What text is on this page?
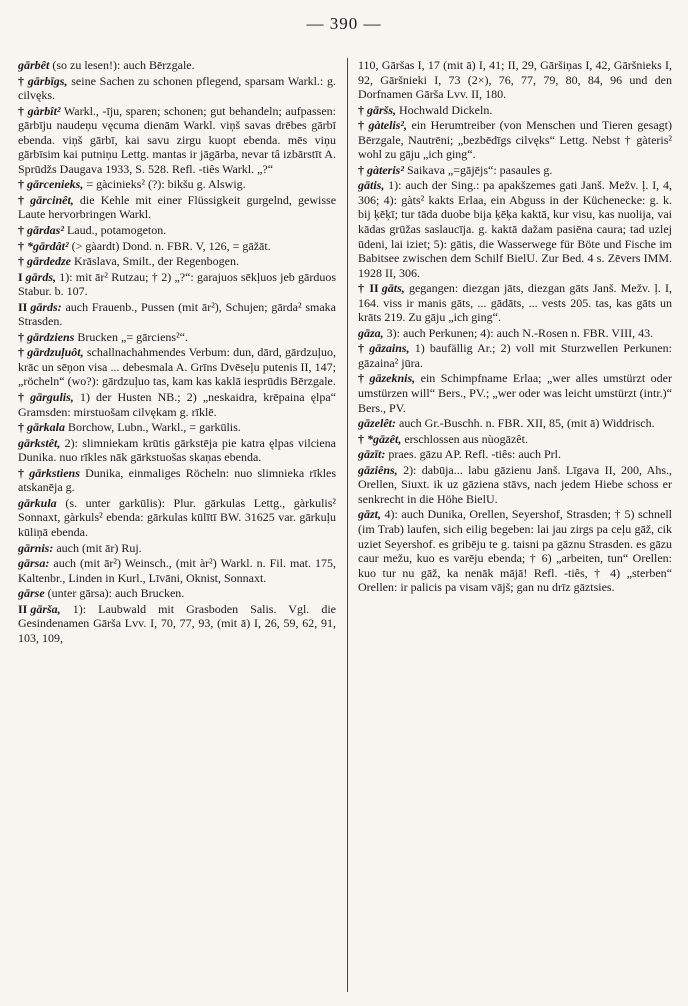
— 390 —

gārbêt (so zu lesen!): auch Bērzgale.

† gārbīgs, seine Sachen zu schonen pflegend, sparsam Warkl.: g. cilvęks.

† gàrbît² Warkl., -īju, sparen; schonen; gut behandeln; aufpassen: gārbīju naudeņu vęcuma dienām Warkl. viņš savas drēbes gārbī ebenda. viņš gārbī, kai savu zirgu kuopt ebenda. mēs viņu gārbīsim kai putniņu Lettg. mantas ir jāgārba, nevar tâ izbārstīt A. Sprūdžs Daugava 1933, S. 528. Refl. -tiês Warkl. „?“

† gārcenieks, = gàcinieks² (?): bikšu g. Alswig.

† gārcinêt, die Kehle mit einer Flüssigkeit gurgelnd, gewisse Laute hervorbringen Warkl.

† gārdas² Laud., potamogeton.

† *gārdât² (> gàardt) Dond. n. FBR. V, 126, = gāžāt.

† gārdedze Krāslava, Smilt., der Regenbogen.

I gārds, 1): mit ār² Rutzau; † 2) „?“: garajuos sēkļuos jeb gārduos Stabur. b. 107.

II gārds: auch Frauenb., Pussen (mit ār²), Schujen; gārda² smaka Strasden.

† gārdziens Brucken „= gārciens²“.

† gārdzuļuôt, schallnachahmendes Verbum: dun, dārd, gārdzuļuo, krāc un sēņon visa ... debesmala A. Grīns Dvēseļu putenis II, 147; „röcheln“ (wo?): gārdzuļuo tas, kam kas kaklā iesprūdis Bērzgale.

† gārgulis, 1) der Husten NB.; 2) „neskaidra, krēpaina ęlpa“ Gramsden: mirstuošam cilvękam g. rīklē.

† gārkala Borchow, Lubn., Warkl., = garkūlis.

gārkstêt, 2): slimniekam krūtis gārkstēja pie katra ęlpas vilciena Dunika. nuo rīkles nāk gārkstuošas skaņas ebenda.

† gārkstiens Dunika, einmaliges Röcheln: nuo slimnieka rīkles atskanēja g.

gārkula (s. unter garkūlis): Plur. gārkulas Lettg., gàrkulis² Sonnaxt, gàrkuls² ebenda: gārkulas kūlītī BW. 31625 var. gārkuļu kūliņā ebenda.

gārnis: auch (mit ār) Ruj.

gārsa: auch (mit ār²) Weinsch., (mit àr²) Warkl. n. Fil. mat. 175, Kaltenbr., Linden in Kurl., Līvāni, Oknist, Sonnaxt.

gārse (unter gārsa): auch Brucken.

II gārša, 1): Laubwald mit Grasboden Salis. Vgl. die Gesindenamen Gārša Lvv. I, 70, 77, 93, (mit ā) I, 26, 59, 62, 91, 103, 109,

110, Gāršas I, 17 (mit ā) I, 41; II, 29, Gāršiņas I, 42, Gāršnieks I, 92, Gāršnieki I, 73 (2×), 76, 77, 79, 80, 84, 96 und den Dorfnamen Gārša Lvv. II, 180.

† gāršs, Hochwald Dickeln.

† gàtelis², ein Herumtreiber (von Menschen und Tieren gesagt) Bērzgale, Nautrēni; „bezbēdīgs cilvęks“ Lettg. Nebst † gàteris² wohl zu gāju „ich ging“.

† gàteris² Saikava „=gājējs“: pasaules g.

gātis, 1): auch der Sing.: pa apakšzemes gati Janš. Mežv. ļ. I, 4, 306; 4): gàts² kakts Erlaa, ein Abguss in der Küchenecke: g. k. bij ķēķī; tur tāda duobe bija ķēķa kaktā, kur visu, kas nuolija, vai kādas grūžas saslaucīja. g. kaktā dažam pasiēna caura; tad uzlej ūdeni, lai iziet; 5): gātis, die Wasserwege für Böte und Fische im Babitsee zwischen dem Schilf BielU. Zur Bed. 4 s. Zēvers IMM. 1928 II, 306.

† II gāts, gegangen: diezgan jāts, diezgan gāts Janš. Mežv. ļ. I, 164. viss ir manis gāts, ... gādāts, ... vests 205. tas, kas gāts un krāts 219. Zu gāju „ich ging“.

gāza, 3): auch Perkunen; 4): auch N.-Rosen n. FBR. VIII, 43.

† gāzains, 1) baufällig Ar.; 2) voll mit Sturzwellen Perkunen: gāzaina² jūra.

† gāzeknis, ein Schimpfname Erlaa; „wer alles umstürzt oder umstürzen will“ Bers., PV.; „wer oder was leicht umstürzt (intr.)“ Bers., PV.

gāzelêt: auch Gr.-Buschh. n. FBR. XII, 85, (mit ā) Widdrisch.

† *gāzêt, erschlossen aus nùogāzêt.

gāzīt: praes. gāzu AP. Refl. -tiês: auch Prl.

gāziêns, 2): dabūja... labu gāzienu Janš. Līgava II, 200, Ahs., Orellen, Siuxt. ik uz gāziena stāvs, nach jedem Hiebe schoss er senkrecht in die Höhe BielU.

gāzt, 4): auch Dunika, Orellen, Seyershof, Strasden; † 5) schnell (im Trab) laufen, sich eilig begeben: lai jau zirgs pa ceļu gāž, cik uziet Seyershof. es gribēju te g. taisni pa gāznu Strasden. es gāzu caur mežu, kuo es varēju ebenda; † 6) „arbeiten, tun“ Orellen: kuo tur nu gāž, ka nenāk mājā! Refl. -tiês, † 4) „sterben“ Orellen: ir palicis pa visam vājš; gan nu drīz gāztsies.
